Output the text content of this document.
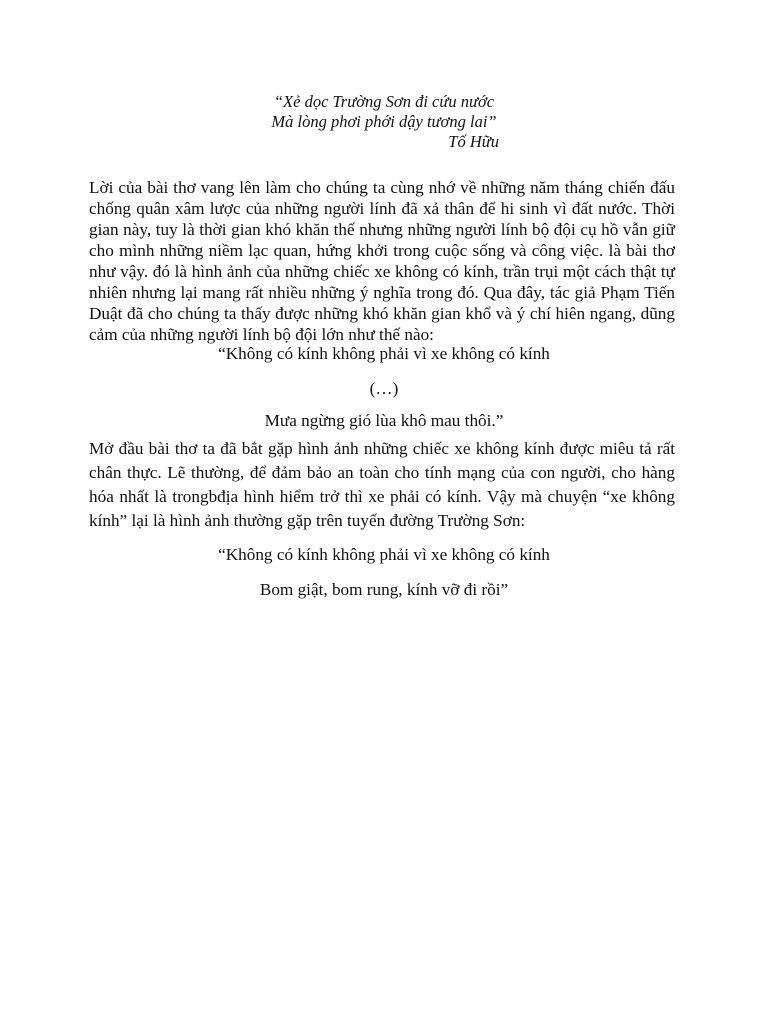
“Xẻ dọc Trường Sơn đi cứu nước
Mà lòng phơi phới dậy tương lai”
Tố Hữu

Lời của bài thơ vang lên làm cho chúng ta cùng nhớ về những năm tháng chiến đấu chống quân xâm lược của những người lính đã xả thân để hi sinh vì đất nước. Thời gian này, tuy là thời gian khó khăn thế nhưng những người lính bộ đội cụ hồ vẫn giữ cho mình những niềm lạc quan, hứng khởi trong cuộc sống và công việc. là bài thơ như vậy. đó là hình ảnh của những chiếc xe không có kính, trần trụi một cách thật tự nhiên nhưng lại mang rất nhiều những ý nghĩa trong đó. Qua đây, tác giả Phạm Tiến Duật đã cho chúng ta thấy được những khó khăn gian khổ và ý chí hiên ngang, dũng cảm của những người lính bộ đội lớn như thế nào:

“Không có kính không phải vì xe không có kính
(…)
Mưa ngừng gió lùa khô mau thôi.”

Mở đầu bài thơ ta đã bắt gặp hình ảnh những chiếc xe không kính được miêu tả rất chân thực. Lẽ thường, để đảm bảo an toàn cho tính mạng của con người, cho hàng hóa nhất là trongbđịa hình hiểm trở thì xe phải có kính. Vậy mà chuyện “xe không kính” lại là hình ảnh thường gặp trên tuyến đường Trường Sơn:

“Không có kính không phải vì xe không có kính
Bom giật, bom rung, kính vỡ đi rồi”
